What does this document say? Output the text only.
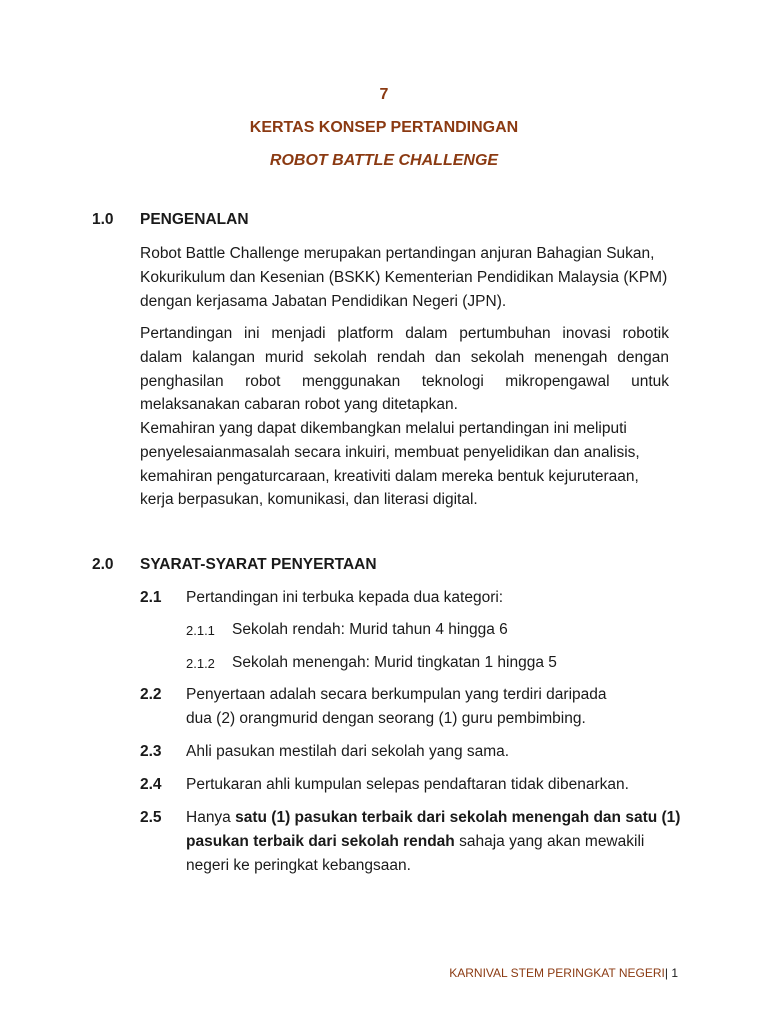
7
KERTAS KONSEP PERTANDINGAN
ROBOT BATTLE CHALLENGE
1.0 PENGENALAN
Robot Battle Challenge merupakan pertandingan anjuran Bahagian Sukan,
Kokurikulum dan Kesenian (BSKK) Kementerian Pendidikan Malaysia (KPM)
dengan kerjasama Jabatan Pendidikan Negeri (JPN).
Pertandingan ini menjadi platform dalam pertumbuhan inovasi robotik
dalam kalangan murid sekolah rendah dan sekolah menengah dengan
penghasilan robot menggunakan teknologi mikropengawal untuk
melaksanakan cabaran robot yang ditetapkan.
Kemahiran yang dapat dikembangkan melalui pertandingan ini meliputi
penyelesaianmasalah secara inkuiri, membuat penyelidikan dan analisis,
kemahiran pengaturcaraan, kreativiti dalam mereka bentuk kejuruteraan,
kerja berpasukan, komunikasi, dan literasi digital.
2.0 SYARAT-SYARAT PENYERTAAN
2.1 Pertandingan ini terbuka kepada dua kategori:
2.1.1 Sekolah rendah: Murid tahun 4 hingga 6
2.1.2 Sekolah menengah: Murid tingkatan 1 hingga 5
2.2 Penyertaan adalah secara berkumpulan yang terdiri daripada
dua (2) orangmurid dengan seorang (1) guru pembimbing.
2.3 Ahli pasukan mestilah dari sekolah yang sama.
2.4 Pertukaran ahli kumpulan selepas pendaftaran tidak dibenarkan.
2.5 Hanya satu (1) pasukan terbaik dari sekolah menengah dan satu (1)
pasukan terbaik dari sekolah rendah sahaja yang akan mewakili
negeri ke peringkat kebangsaan.
KARNIVAL STEM PERINGKAT NEGERI| 1
